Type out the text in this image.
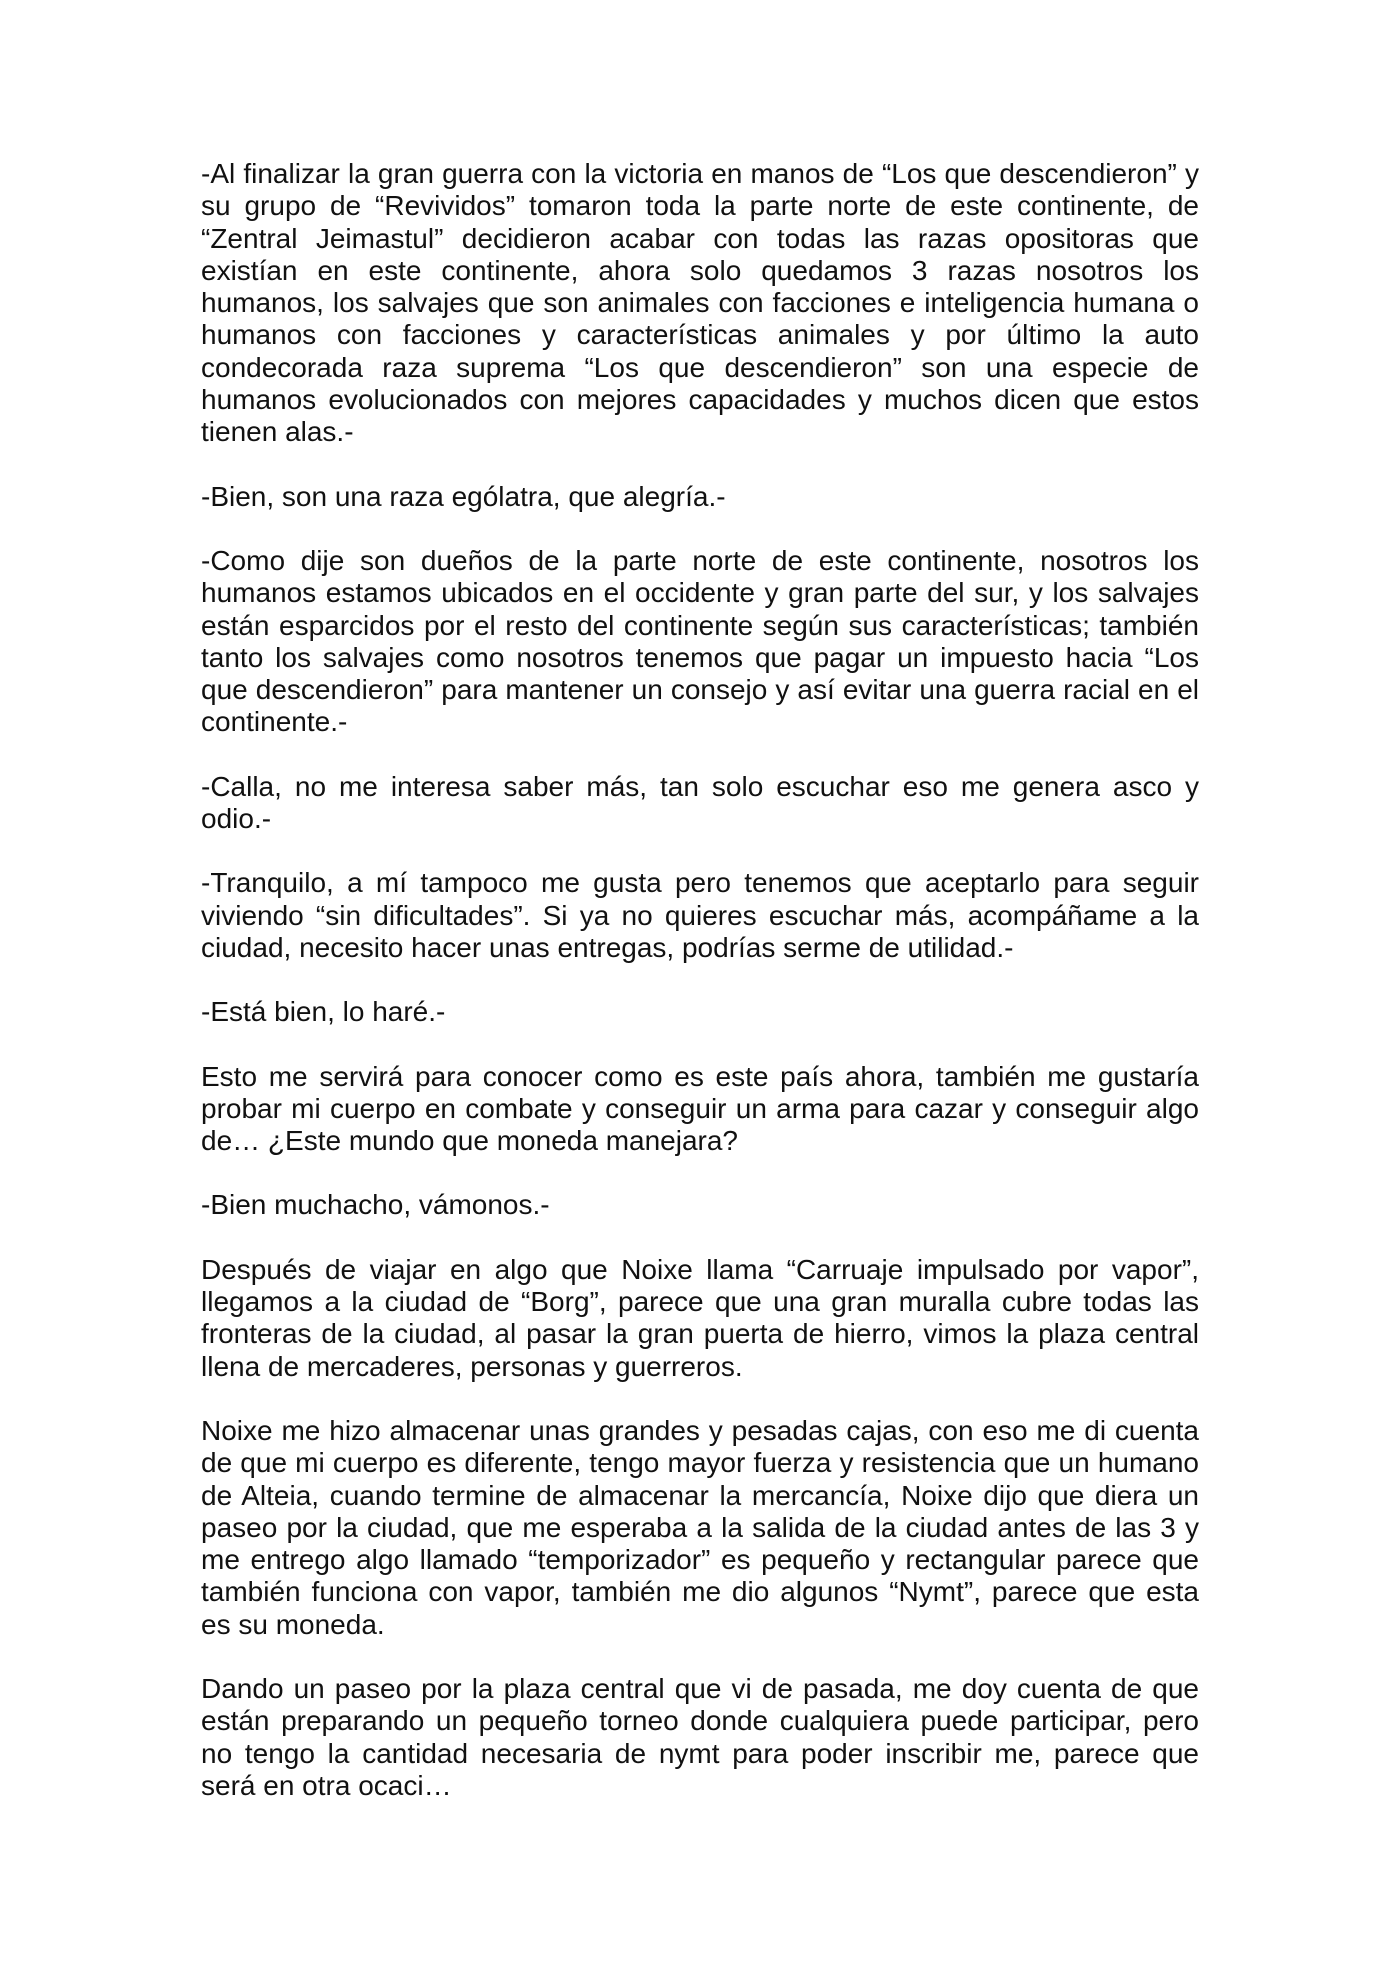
-Al finalizar la gran guerra con la victoria en manos de “Los que descendieron” y su grupo de “Revividos” tomaron toda la parte norte de este continente, de “Zentral Jeimastul” decidieron acabar con todas las razas opositoras que existían en este continente, ahora solo quedamos 3 razas nosotros los humanos, los salvajes que son animales con facciones e inteligencia humana o humanos con facciones y características animales y por último la auto condecorada raza suprema “Los que descendieron” son una especie de humanos evolucionados con mejores capacidades y muchos dicen que estos tienen alas.-

-Bien, son una raza ególatra, que alegría.-

-Como dije son dueños de la parte norte de este continente, nosotros los humanos estamos ubicados en el occidente y gran parte del sur, y los salvajes están esparcidos por el resto del continente según sus características; también tanto los salvajes como nosotros tenemos que pagar un impuesto hacia “Los que descendieron” para mantener un consejo y así evitar una guerra racial en el continente.-

-Calla, no me interesa saber más, tan solo escuchar eso me genera asco y odio.-

-Tranquilo, a mí tampoco me gusta pero tenemos que aceptarlo para seguir viviendo “sin dificultades”. Si ya no quieres escuchar más, acompáñame a la ciudad, necesito hacer unas entregas, podrías serme de utilidad.-

-Está bien, lo haré.-

Esto me servirá para conocer como es este país ahora, también me gustaría probar mi cuerpo en combate y conseguir un arma para cazar y conseguir algo de… ¿Este mundo que moneda manejara?

-Bien muchacho, vámonos.-

Después de viajar en algo que Noixe llama “Carruaje impulsado por vapor”, llegamos a la ciudad de “Borg”, parece que una gran muralla cubre todas las fronteras de la ciudad, al pasar la gran puerta de hierro, vimos la plaza central llena de mercaderes, personas y guerreros.

Noixe me hizo almacenar unas grandes y pesadas cajas, con eso me di cuenta de que mi cuerpo es diferente, tengo mayor fuerza y resistencia que un humano de Alteia, cuando termine de almacenar la mercancía, Noixe dijo que diera un paseo por la ciudad, que me esperaba a la salida de la ciudad antes de las 3 y me entrego algo llamado “temporizador” es pequeño y rectangular parece que también funciona con vapor, también me dio algunos “Nymt”, parece que esta es su moneda.

Dando un paseo por la plaza central que vi de pasada, me doy cuenta de que están preparando un pequeño torneo donde cualquiera puede participar, pero no tengo la cantidad necesaria de nymt para poder inscribir me, parece que será en otra ocaci…
